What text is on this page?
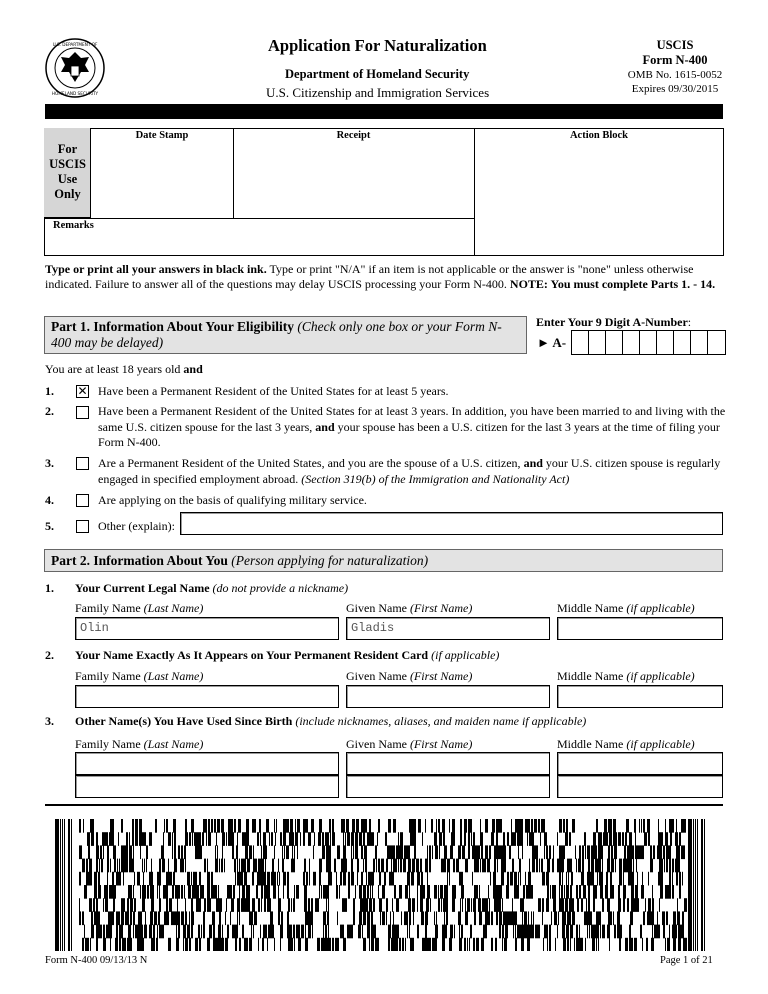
U.S. DEPARTMENT OF
HOMELAND SECURITY
Application For Naturalization
Department of Homeland Security
U.S. Citizenship and Immigration Services
USCIS
Form N-400
OMB No. 1615-0052
Expires 09/30/2015
For
USCIS
Use
Only
Date Stamp	Receipt	Action Block
Remarks
Type or print all your answers in black ink. Type or print "N/A" if an item is not applicable or the answer is "none" unless otherwise indicated. Failure to answer all of the questions may delay USCIS processing your Form N-400. NOTE: You must complete Parts 1. - 14.
Part 1. Information About Your Eligibility (Check only one box or your Form N-400 may be delayed)
Enter Your 9 Digit A-Number:
► A-
You are at least 18 years old and
1. ✕ Have been a Permanent Resident of the United States for at least 5 years.
2.	Have been a Permanent Resident of the United States for at least 3 years. In addition, you have been married to and living with the same U.S. citizen spouse for the last 3 years, and your spouse has been a U.S. citizen for the last 3 years at the time of filing your Form N-400.
3.	Are a Permanent Resident of the United States, and you are the spouse of a U.S. citizen, and your U.S. citizen spouse is regularly engaged in specified employment abroad. (Section 319(b) of the Immigration and Nationality Act)
4.	Are applying on the basis of qualifying military service.
5.	Other (explain):
Part 2. Information About You (Person applying for naturalization)
1. Your Current Legal Name (do not provide a nickname)
Family Name (Last Name)	Given Name (First Name)	Middle Name (if applicable)
Olin	Gladis
2. Your Name Exactly As It Appears on Your Permanent Resident Card (if applicable)
Family Name (Last Name)	Given Name (First Name)	Middle Name (if applicable)
3. Other Name(s) You Have Used Since Birth (include nicknames, aliases, and maiden name if applicable)
Family Name (Last Name)	Given Name (First Name)	Middle Name (if applicable)
Form N-400 09/13/13 N	Page 1 of 21
